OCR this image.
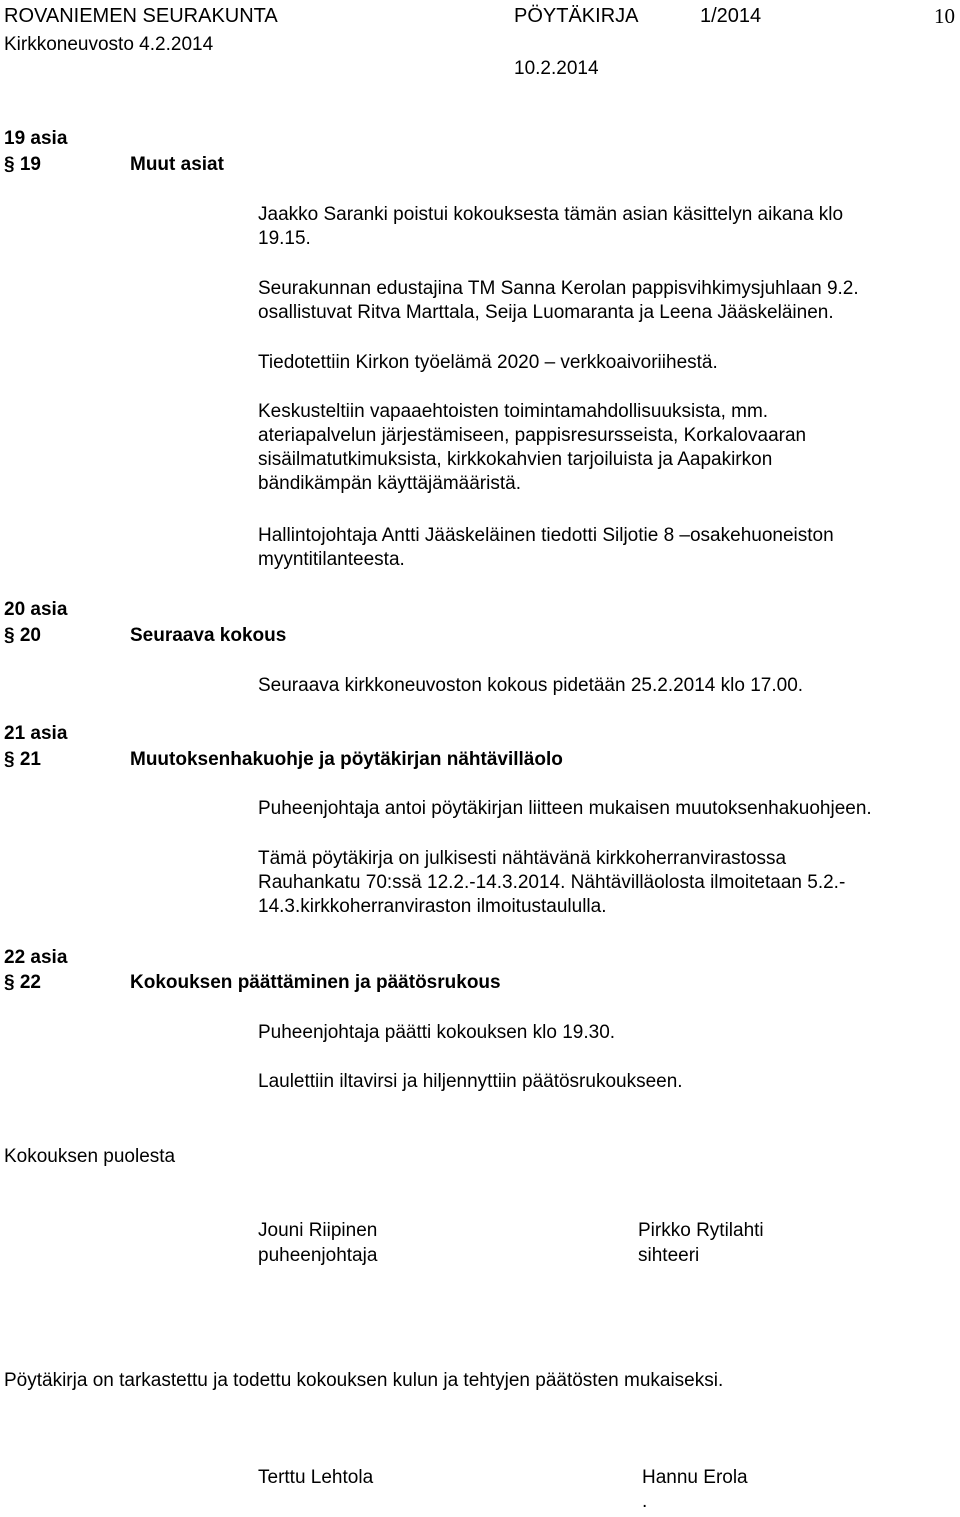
ROVANIEMEN SEURAKUNTA	PÖYTÄKIRJA	1/2014	10
Kirkkoneuvosto 4.2.2014
10.2.2014
19 asia
§ 19	Muut asiat
Jaakko Saranki poistui kokouksesta tämän asian käsittelyn aikana klo
19.15.
Seurakunnan edustajina TM Sanna Kerolan pappisvihkimysjuhlaan 9.2.
osallistuvat Ritva Marttala, Seija Luomaranta ja Leena Jääskeläinen.
Tiedotettiin Kirkon työelämä 2020 – verkkoaivoriihestä.
Keskusteltiin vapaaehtoisten toimintamahdollisuuksista, mm.
ateriapalvelun järjestämiseen, pappisresursseista, Korkalovaaran
sisäilmatutkimuksista, kirkkokahvien tarjoiluista ja Aapakirkon
bändikämpän käyttäjämääristä.
Hallintojohtaja Antti Jääskeläinen tiedotti Siljotie 8 –osakehuoneiston
myyntitilanteesta.
20 asia
§ 20	Seuraava kokous
Seuraava kirkkoneuvoston kokous pidetään 25.2.2014 klo 17.00.
21 asia
§ 21	Muutoksenhakuohje ja pöytäkirjan nähtävilläolo
Puheenjohtaja antoi pöytäkirjan liitteen mukaisen muutoksenhakuohjeen.
Tämä pöytäkirja on julkisesti nähtävänä kirkkoherranvirastossa
Rauhankatu 70:ssä 12.2.-14.3.2014. Nähtävilläolosta ilmoitetaan 5.2.-
14.3.kirkkoherranviraston ilmoitustaululla.
22 asia
§ 22	Kokouksen päättäminen ja päätösrukous
Puheenjohtaja päätti kokouksen klo 19.30.
Laulettiin iltavirsi ja hiljennyttiin päätösrukoukseen.
Kokouksen puolesta
Jouni Riipinen
puheenjohtaja
Pirkko Rytilahti
sihteeri
Pöytäkirja on tarkastettu ja todettu kokouksen kulun ja tehtyjen päätösten mukaiseksi.
Terttu Lehtola	Hannu Erola
.
